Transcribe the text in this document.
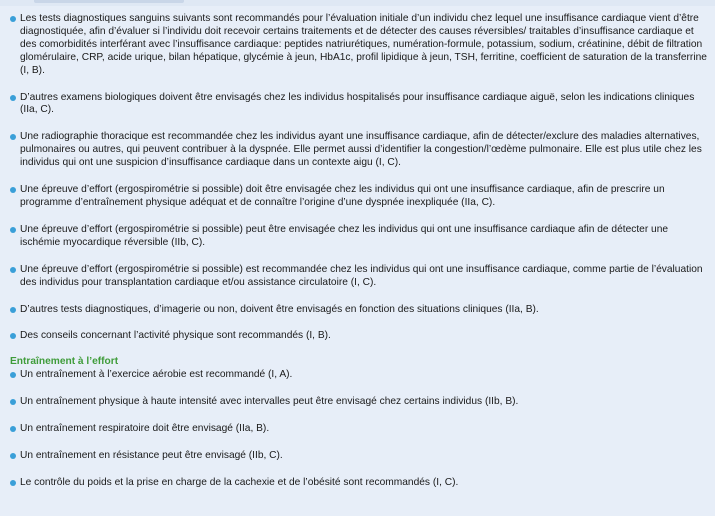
Les tests diagnostiques sanguins suivants sont recommandés pour l’évaluation initiale d’un individu chez lequel une insuffisance cardiaque vient d’être diagnostiquée, afin d’évaluer si l’individu doit recevoir certains traitements et de détecter des causes réversibles/ traitables d’insuffisance cardiaque et des comorbidités interférant avec l’insuffisance cardiaque: peptides natriurétiques, numération-formule, potassium, sodium, créatinine, débit de filtration glomérulaire, CRP, acide urique, bilan hépatique, glycémie à jeun, HbA1c, profil lipidique à jeun, TSH, ferritine, coefficient de saturation de la transferrine (I, B).
D’autres examens biologiques doivent être envisagés chez les individus hospitalisés pour insuffisance cardiaque aiguë, selon les indications cliniques (IIa, C).
Une radiographie thoracique est recommandée chez les individus ayant une insuffisance cardiaque, afin de détecter/exclure des maladies alternatives, pulmonaires ou autres, qui peuvent contribuer à la dyspnée. Elle permet aussi d’identifier la congestion/l’œdème pulmonaire. Elle est plus utile chez les individus qui ont une suspicion d’insuffisance cardiaque dans un contexte aigu (I, C).
Une épreuve d’effort (ergospirométrie si possible) doit être envisagée chez les individus qui ont une insuffisance cardiaque, afin de prescrire un programme d’entraînement physique adéquat et de connaître l’origine d’une dyspnée inexpliquée (IIa, C).
Une épreuve d’effort (ergospirométrie si possible) peut être envisagée chez les individus qui ont une insuffisance cardiaque afin de détecter une ischémie myocardique réversible (IIb, C).
Une épreuve d’effort (ergospirométrie si possible) est recommandée chez les individus qui ont une insuffisance cardiaque, comme partie de l’évaluation des individus pour transplantation cardiaque et/ou assistance circulatoire (I, C).
D’autres tests diagnostiques, d’imagerie ou non, doivent être envisagés en fonction des situations cliniques (IIa, B).
Des conseils concernant l’activité physique sont recommandés (I, B).
Entraînement à l’effort
Un entraînement à l’exercice aérobie est recommandé (I, A).
Un entraînement physique à haute intensité avec intervalles peut être envisagé chez certains individus (IIb, B).
Un entraînement respiratoire doit être envisagé (IIa, B).
Un entraînement en résistance peut être envisagé (IIb, C).
Le contrôle du poids et la prise en charge de la cachexie et de l’obésité sont recommandés (I, C).
